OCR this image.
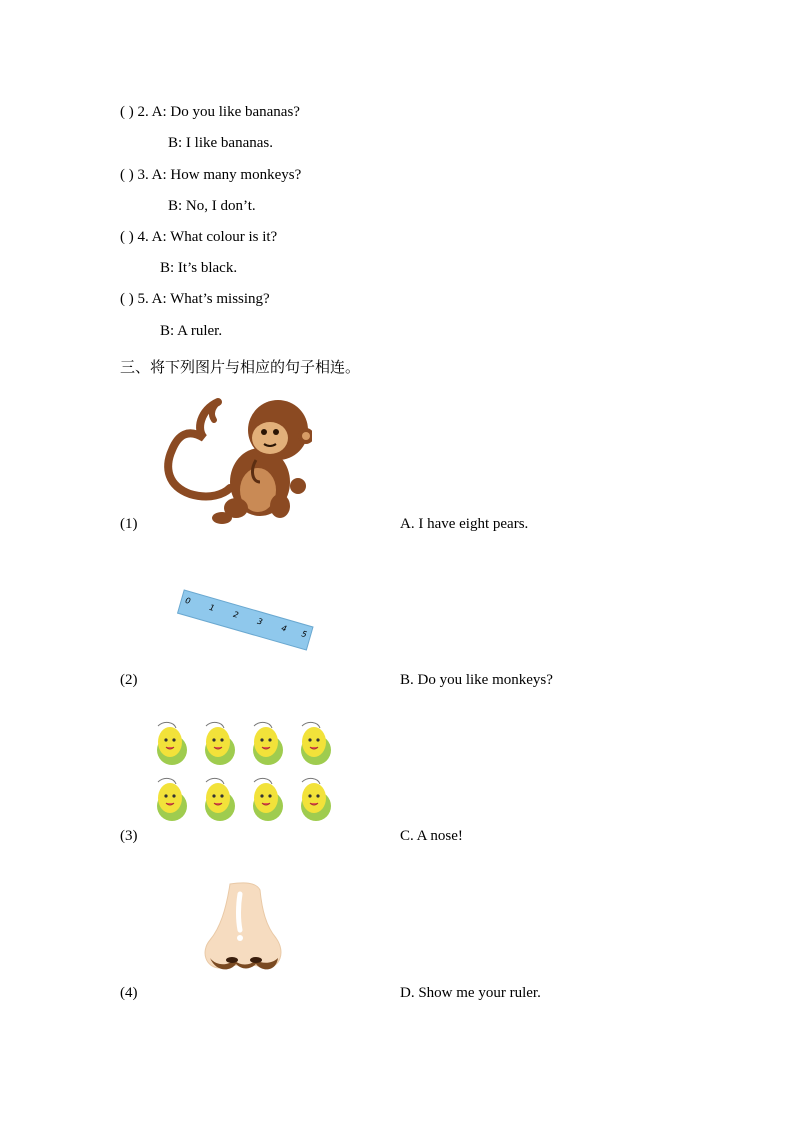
( ) 2. A: Do you like bananas?
B: I like bananas.
( ) 3. A: How many monkeys?
B: No, I don’t.
( ) 4. A: What colour is it?
B: It’s black.
( ) 5. A: What’s missing?
B: A ruler.
三、将下列图片与相应的句子相连。
(1)	A. I have eight pears.
0
1
2
3
4
5
(2)	B. Do you like monkeys?
(3)	C. A nose!
(4)	D. Show me your ruler.
